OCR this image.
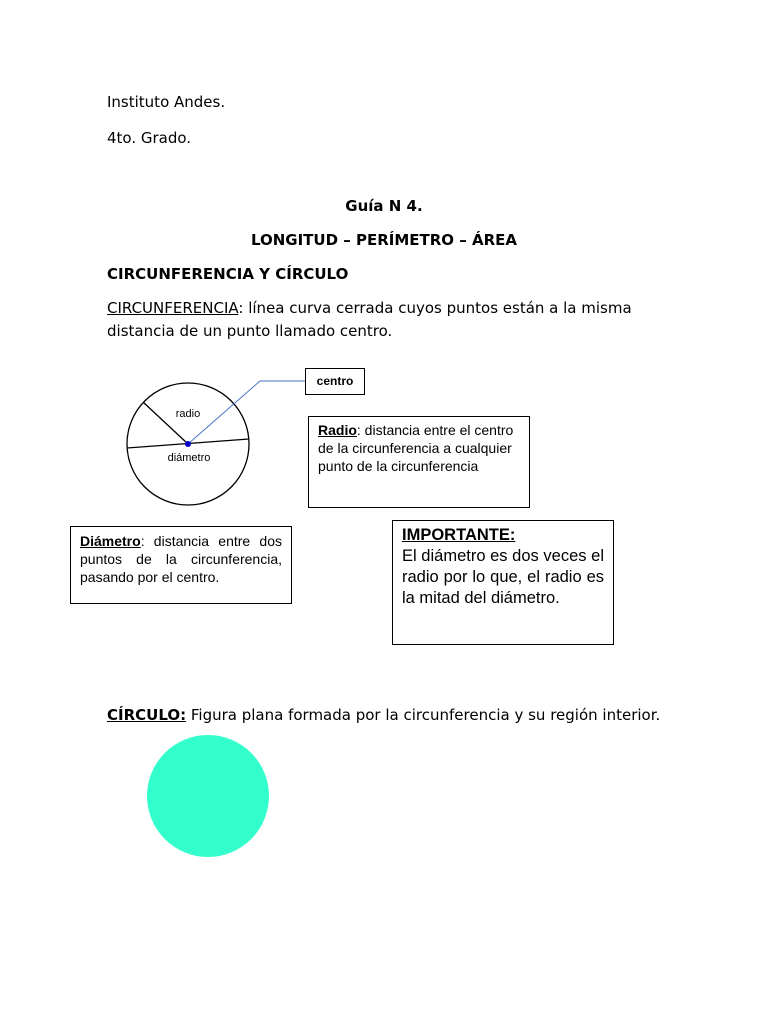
Instituto Andes.
4to. Grado.
Guía N 4.
LONGITUD – PERÍMETRO – ÁREA
CIRCUNFERENCIA Y CÍRCULO
CIRCUNFERENCIA: línea curva cerrada cuyos puntos están a la misma
distancia de un punto llamado centro.
radio
diámetro
centro
Radio: distancia entre el centro de la circunferencia a cualquier punto de la circunferencia
Diámetro: distancia entre dos puntos de la circunferencia, pasando por el centro.
IMPORTANTE:
El diámetro es dos veces el radio por lo que, el radio es la mitad del diámetro.
CÍRCULO: Figura plana formada por la circunferencia y su región interior.
